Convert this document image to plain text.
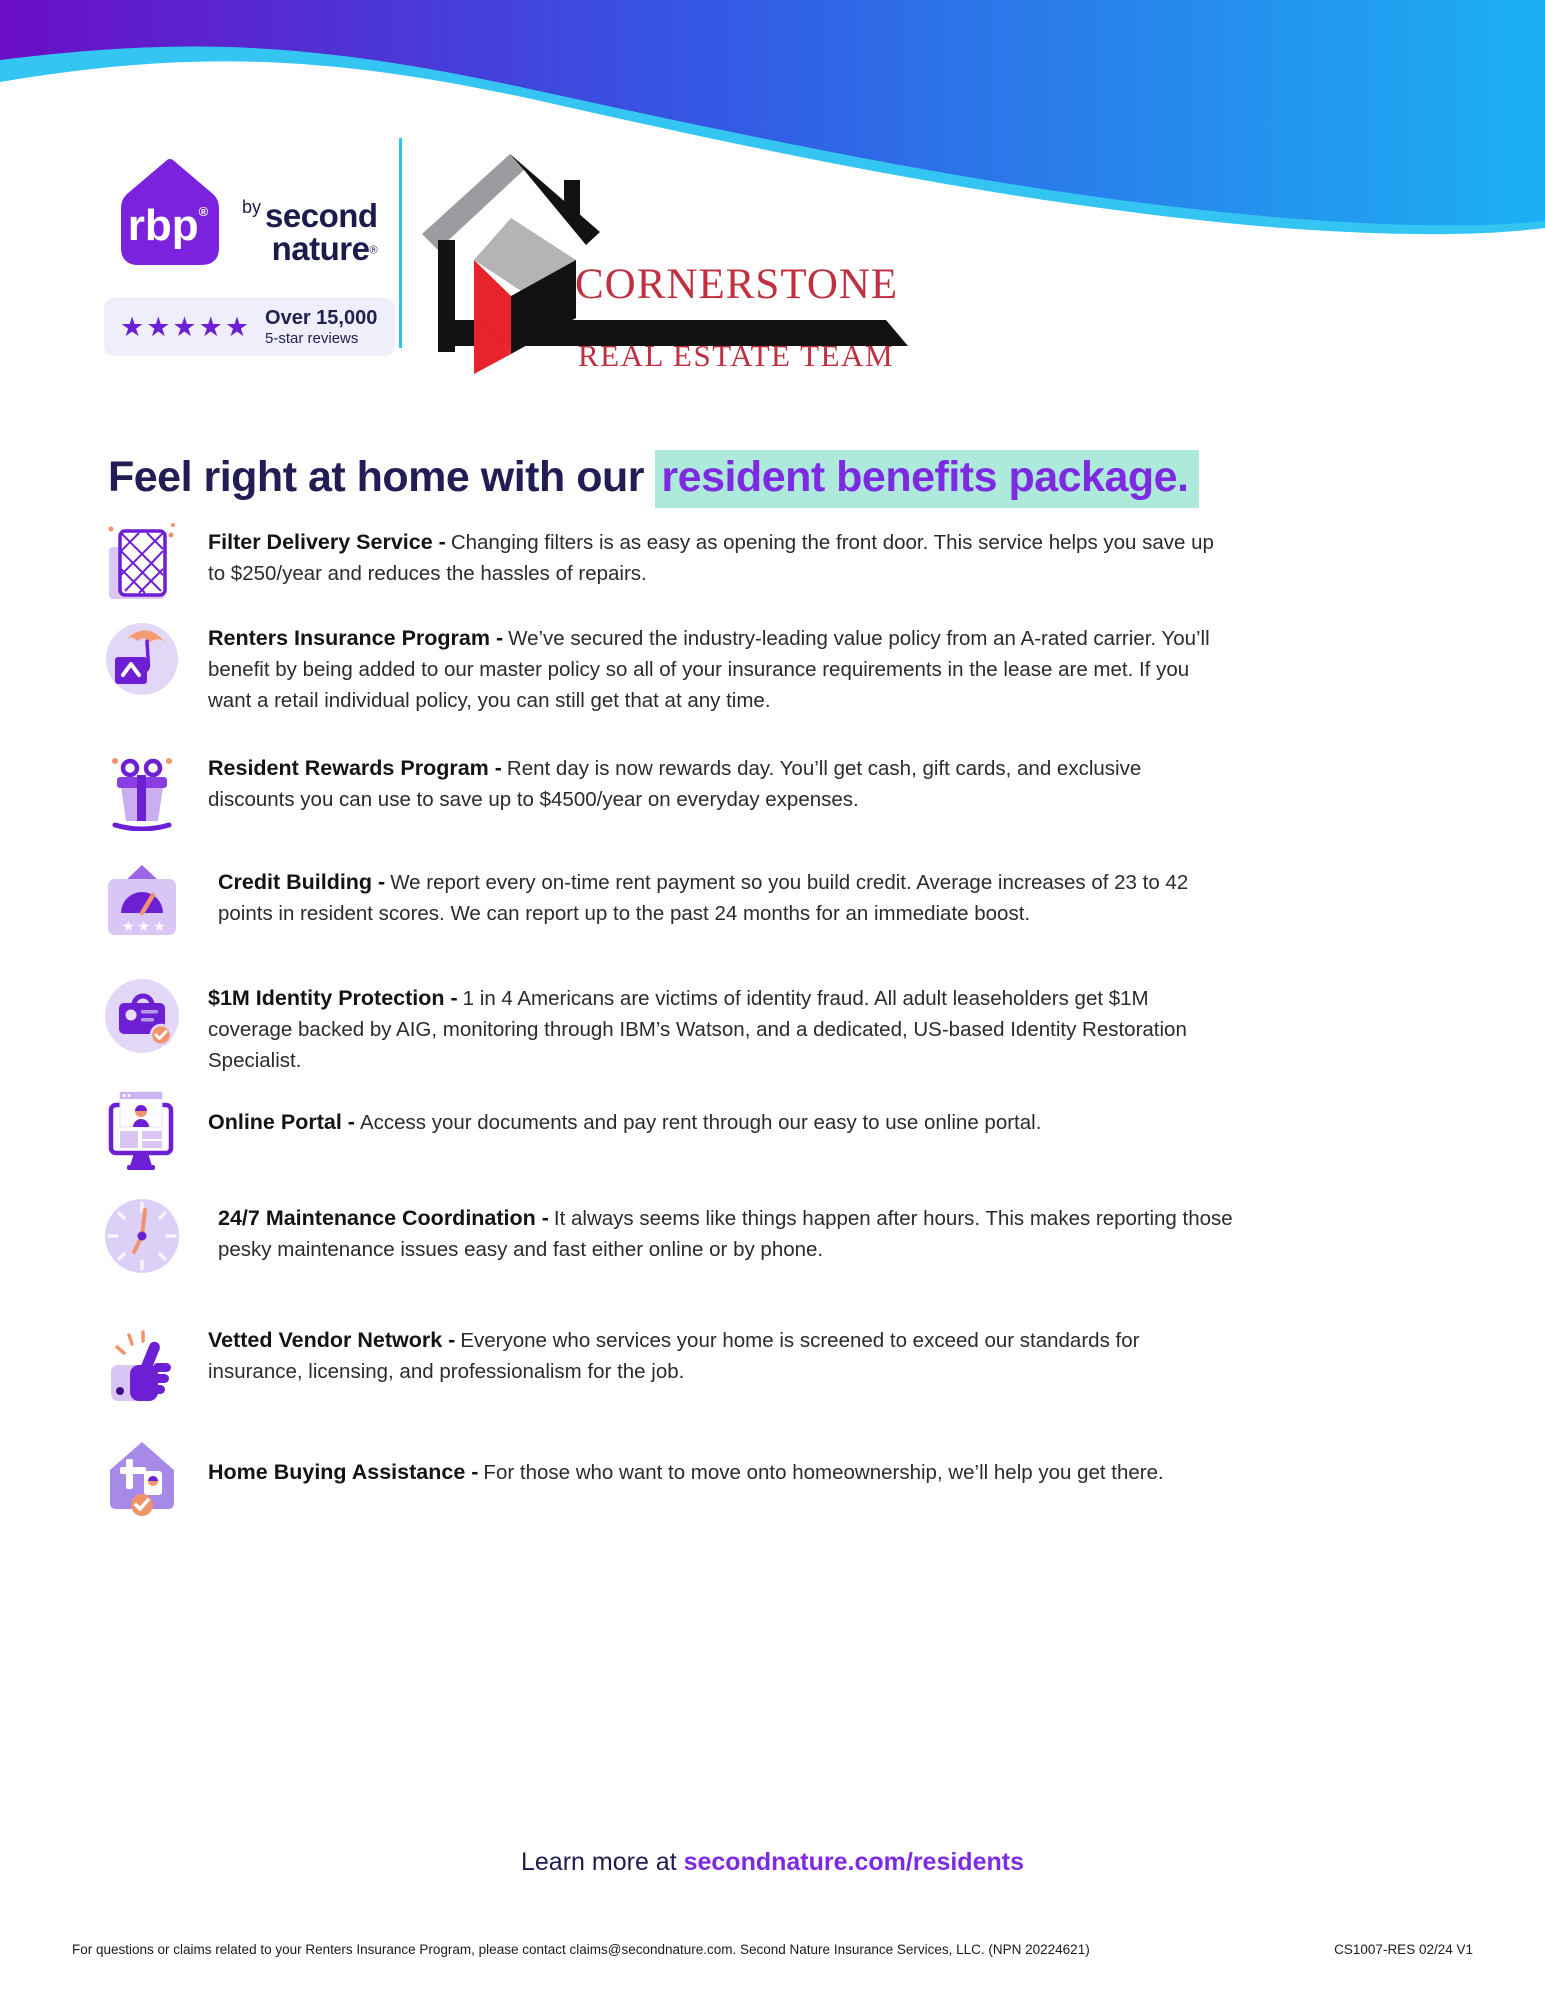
rbp® by second
nature®
★★★★★ Over 15,000
5-star reviews
CORNERSTONE
REAL ESTATE TEAM
Feel right at home with our resident benefits package.

Filter Delivery Service - Changing filters is as easy as opening the front door. This service helps you save up to $250/year and reduces the hassles of repairs.

Renters Insurance Program - We’ve secured the industry-leading value policy from an A-rated carrier. You’ll benefit by being added to our master policy so all of your insurance requirements in the lease are met. If you want a retail individual policy, you can still get that at any time.

Resident Rewards Program - Rent day is now rewards day. You’ll get cash, gift cards, and exclusive discounts you can use to save up to $4500/year on everyday expenses.

★★★

Credit Building - We report every on-time rent payment so you build credit. Average increases of 23 to 42 points in resident scores. We can report up to the past 24 months for an immediate boost.

$1M Identity Protection - 1 in 4 Americans are victims of identity fraud. All adult leaseholders get $1M coverage backed by AIG, monitoring through IBM’s Watson, and a dedicated, US-based Identity Restoration Specialist.

Online Portal - Access your documents and pay rent through our easy to use online portal.

24/7 Maintenance Coordination - It always seems like things happen after hours. This makes reporting those pesky maintenance issues easy and fast either online or by phone.

Vetted Vendor Network - Everyone who services your home is screened to exceed our standards for insurance, licensing, and professionalism for the job.

Home Buying Assistance - For those who want to move onto homeownership, we’ll help you get there.

Learn more at secondnature.com/residents
For questions or claims related to your Renters Insurance Program, please contact claims@secondnature.com. Second Nature Insurance Services, LLC. (NPN 20224621)	CS1007-RES 02/24 V1
